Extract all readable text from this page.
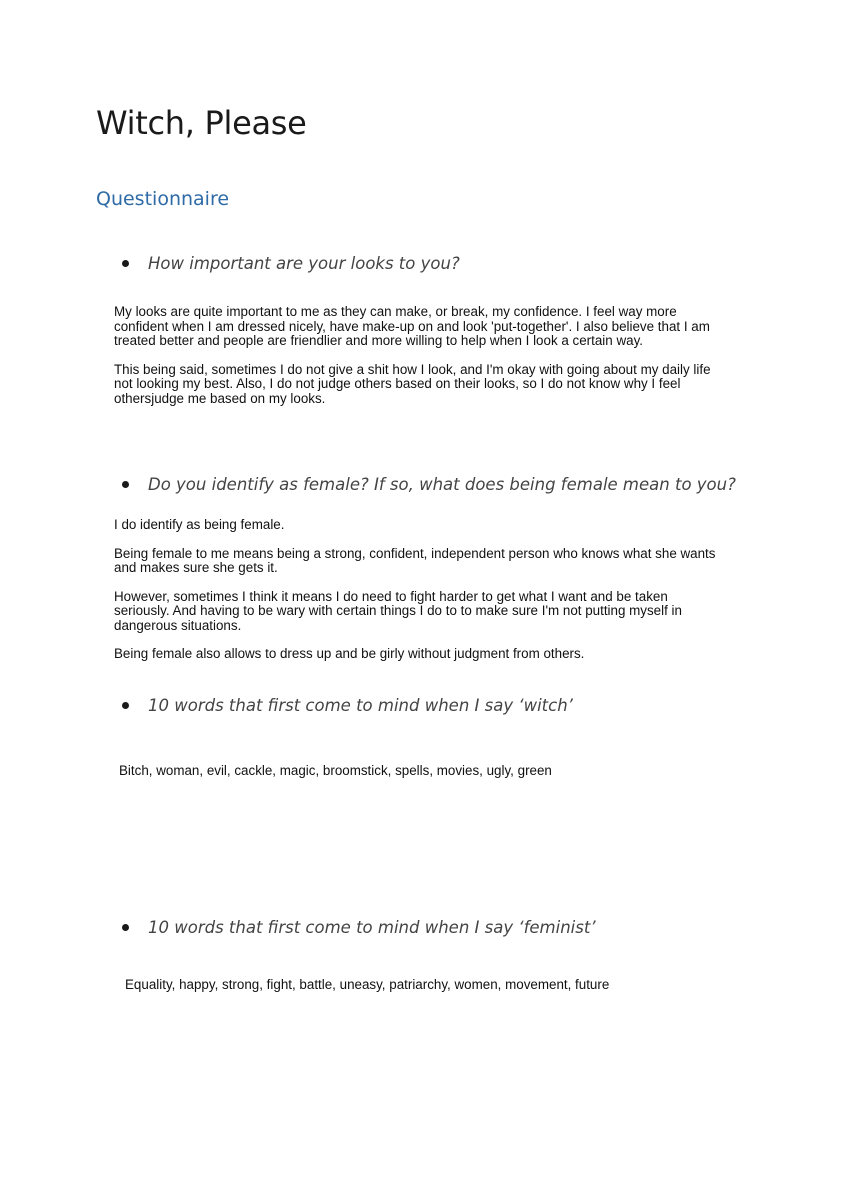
Witch, Please
Questionnaire
How important are your looks to you?

My looks are quite important to me as they can make, or break, my confidence. I feel way more confident when I am dressed nicely, have make-up on and look 'put-together'. I also believe that I am treated better and people are friendlier and more willing to help when I look a certain way.

This being said, sometimes I do not give a shit how I look, and I'm okay with going about my daily life not looking my best. Also, I do not judge others based on their looks, so I do not know why I feel othersjudge me based on my looks.

Do you identify as female? If so, what does being female mean to you?

I do identify as being female.

Being female to me means being a strong, confident, independent person who knows what she wants and makes sure she gets it.

However, sometimes I think it means I do need to fight harder to get what I want and be taken seriously. And having to be wary with certain things I do to to make sure I'm not putting myself in dangerous situations.

Being female also allows to dress up and be girly without judgment from others.

10 words that first come to mind when I say ‘witch’

Bitch, woman, evil, cackle, magic, broomstick, spells, movies, ugly, green

10 words that first come to mind when I say ‘feminist’

Equality, happy, strong, fight, battle, uneasy, patriarchy, women, movement, future
